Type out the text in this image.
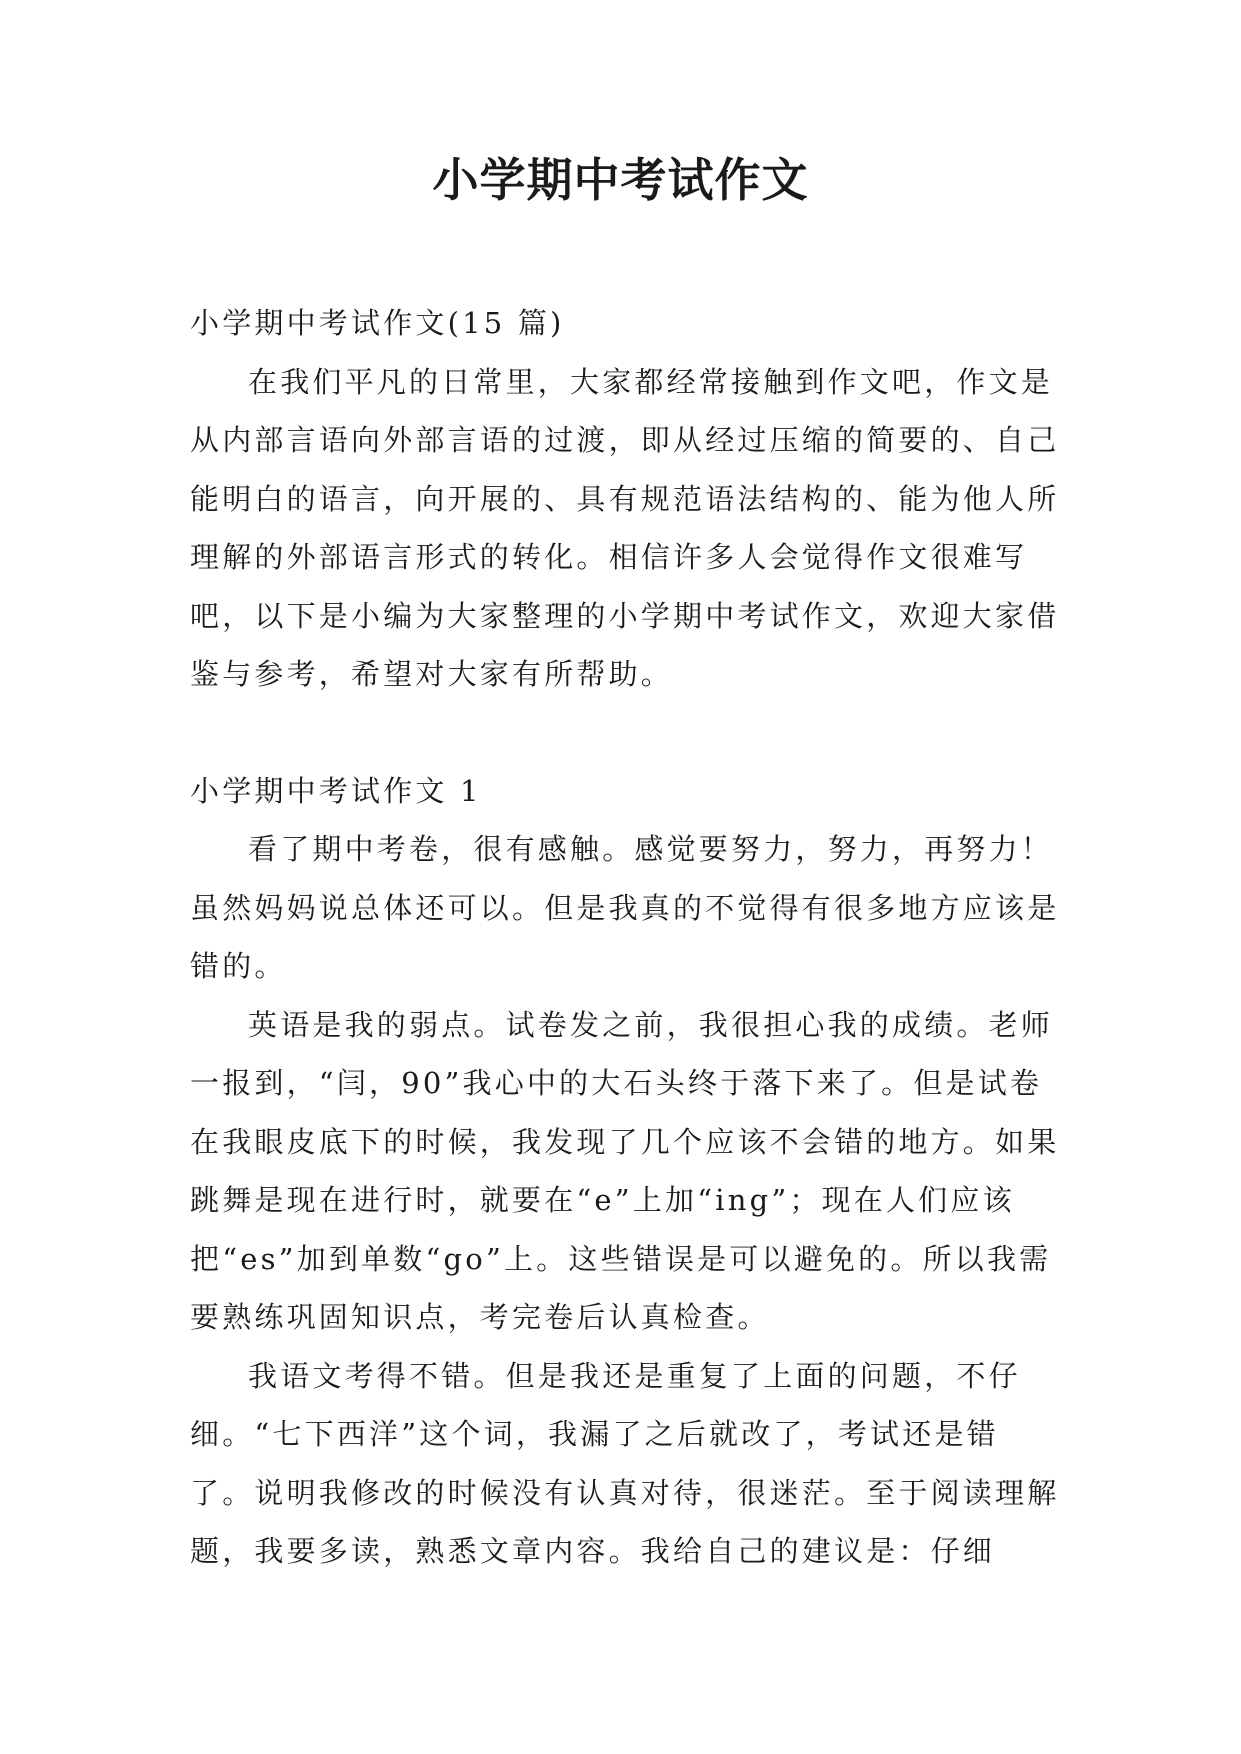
小学期中考试作文

小学期中考试作文(15 篇)

在我们平凡的日常里，大家都经常接触到作文吧，作文是从内部言语向外部言语的过渡，即从经过压缩的简要的、自己能明白的语言，向开展的、具有规范语法结构的、能为他人所理解的外部语言形式的转化。相信许多人会觉得作文很难写吧，以下是小编为大家整理的小学期中考试作文，欢迎大家借鉴与参考，希望对大家有所帮助。

小学期中考试作文 1

看了期中考卷，很有感触。感觉要努力，努力，再努力！虽然妈妈说总体还可以。但是我真的不觉得有很多地方应该是错的。

英语是我的弱点。试卷发之前，我很担心我的成绩。老师一报到，“闫，90”我心中的大石头终于落下来了。但是试卷在我眼皮底下的时候，我发现了几个应该不会错的地方。如果跳舞是现在进行时，就要在“e”上加“ing”；现在人们应该把“es”加到单数“go”上。这些错误是可以避免的。所以我需要熟练巩固知识点，考完卷后认真检查。

我语文考得不错。但是我还是重复了上面的问题，不仔细。“七下西洋”这个词，我漏了之后就改了，考试还是错了。说明我修改的时候没有认真对待，很迷茫。至于阅读理解题，我要多读，熟悉文章内容。我给自己的建议是：仔细
